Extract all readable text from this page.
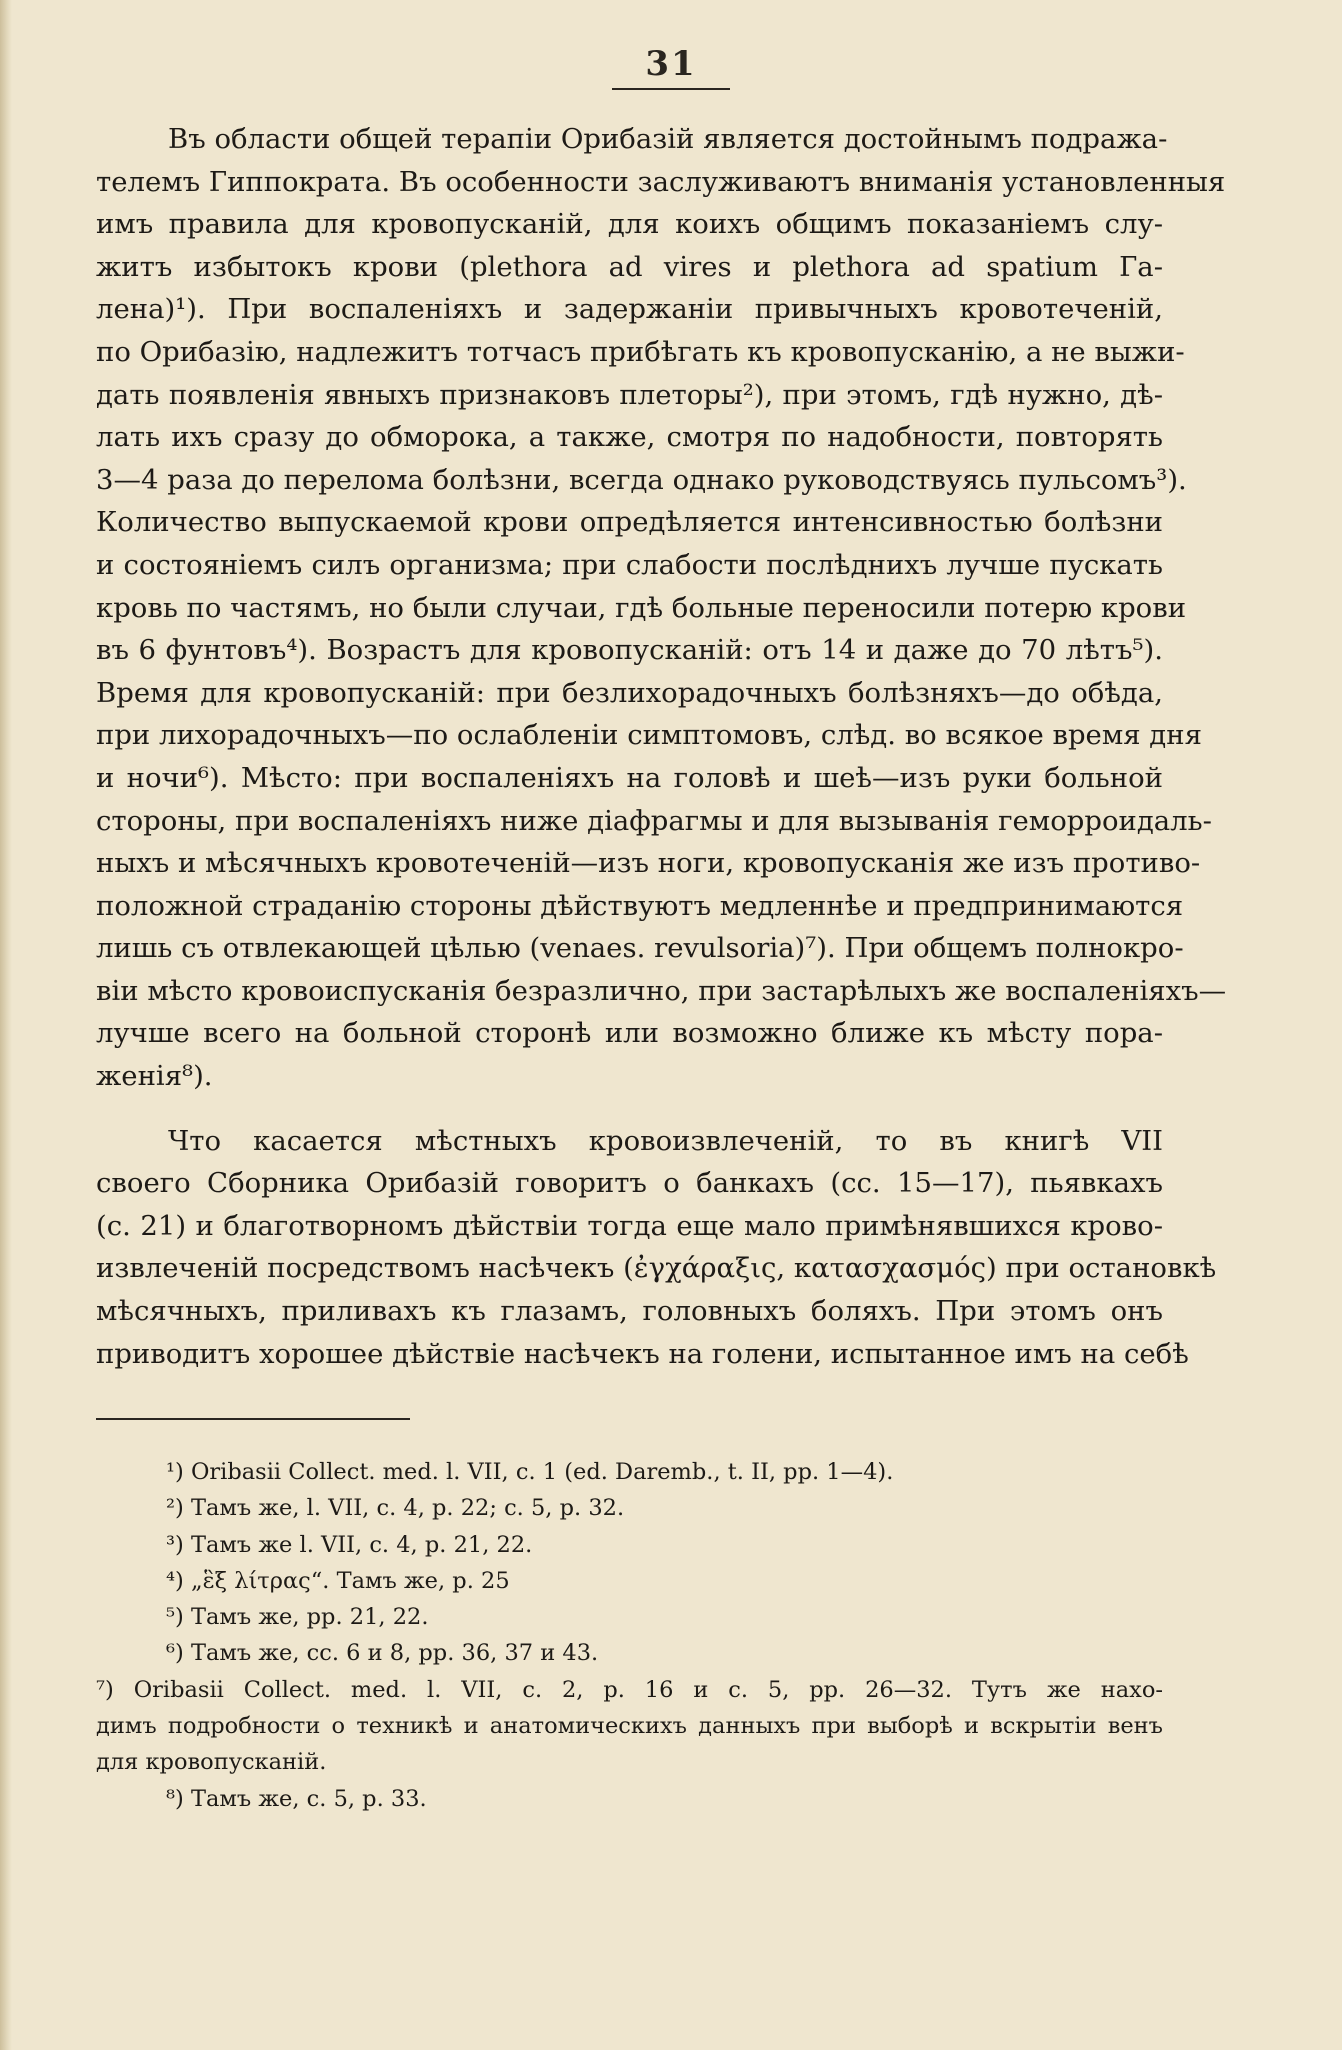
31

Въ области общей терапіи Орибазій является достойнымъ подража-
телемъ Гиппократа. Въ особенности заслуживаютъ вниманія установленныя
имъ правила для кровопусканій, для коихъ общимъ показаніемъ слу-
житъ избытокъ крови (plethora ad vires и plethora ad spatium Га-
лена)¹). При воспаленіяхъ и задержаніи привычныхъ кровотеченій,
по Орибазію, надлежитъ тотчасъ прибѣгать къ кровопусканію, а не выжи-
дать появленія явныхъ признаковъ плеторы²), при этомъ, гдѣ нужно, дѣ-
лать ихъ сразу до обморока, а также, смотря по надобности, повторять
3—4 раза до перелома болѣзни, всегда однако руководствуясь пульсомъ³).
Количество выпускаемой крови опредѣляется интенсивностью болѣзни
и состояніемъ силъ организма; при слабости послѣднихъ лучше пускать
кровь по частямъ, но были случаи, гдѣ больные переносили потерю крови
въ 6 фунтовъ⁴). Возрастъ для кровопусканій: отъ 14 и даже до 70 лѣтъ⁵).
Время для кровопусканій: при безлихорадочныхъ болѣзняхъ—до обѣда,
при лихорадочныхъ—по ослабленіи симптомовъ, слѣд. во всякое время дня
и ночи⁶). Мѣсто: при воспаленіяхъ на головѣ и шеѣ—изъ руки больной
стороны, при воспаленіяхъ ниже діафрагмы и для вызыванія геморроидаль-
ныхъ и мѣсячныхъ кровотеченій—изъ ноги, кровопусканія же изъ противо-
положной страданію стороны дѣйствуютъ медленнѣе и предпринимаются
лишь съ отвлекающей цѣлью (venaes. revulsoria)⁷). При общемъ полнокро-
віи мѣсто кровоиспусканія безразлично, при застарѣлыхъ же воспаленіяхъ—
лучше всего на больной сторонѣ или возможно ближе къ мѣсту пора-
женія⁸).

Что касается мѣстныхъ кровоизвлеченій, то въ книгѣ VII
своего Сборника Орибазій говоритъ о банкахъ (сс. 15—17), пьявкахъ
(с. 21) и благотворномъ дѣйствіи тогда еще мало примѣнявшихся крово-
извлеченій посредствомъ насѣчекъ (ἐγχάραξις, κατασχασμός) при остановкѣ
мѣсячныхъ, приливахъ къ глазамъ, головныхъ боляхъ. При этомъ онъ
приводитъ хорошее дѣйствіе насѣчекъ на голени, испытанное имъ на себѣ

¹) Oribasii Collect. med. l. VII, c. 1 (ed. Daremb., t. II, pp. 1—4).
²) Тамъ же, l. VII, c. 4, p. 22; c. 5, p. 32.
³) Тамъ же l. VII, c. 4, p. 21, 22.
⁴) „ἓξ λίτρας“. Тамъ же, p. 25
⁵) Тамъ же, pp. 21, 22.
⁶) Тамъ же, cc. 6 и 8, pp. 36, 37 и 43.
⁷) Oribasii Collect. med. l. VII, c. 2, p. 16 и c. 5, pp. 26—32. Тутъ же нахо-
димъ подробности о техникѣ и анатомическихъ данныхъ при выборѣ и вскрытіи венъ
для кровопусканій.
⁸) Тамъ же, c. 5, p. 33.
